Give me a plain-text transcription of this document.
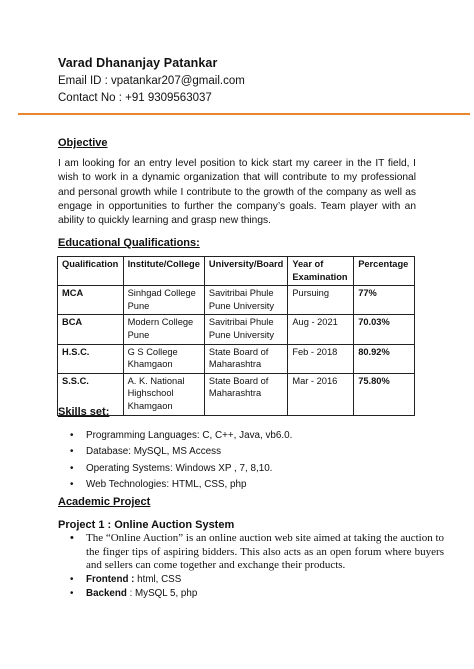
Varad Dhananjay Patankar
Email ID : vpatankar207@gmail.com
Contact No : +91 9309563037
Objective
I am looking for an entry level position to kick start my career in the IT field, I wish to work in a dynamic organization that will contribute to my professional and personal growth while I contribute to the growth of the company as well as engage in opportunities to further the company’s goals. Team player with an ability to quickly learning and grasp new things.
Educational Qualifications:
Qualification	Institute/College	University/Board	Year of Examination	Percentage
MCA	Sinhgad College Pune	Savitribai Phule Pune University	Pursuing	77%
BCA	Modern College Pune	Savitribai Phule Pune University	Aug - 2021	70.03%
H.S.C.	G S College Khamgaon	State Board of Maharashtra	Feb - 2018	80.92%
S.S.C.	A. K. National Highschool Khamgaon	State Board of Maharashtra	Mar - 2016	75.80%
Skills set:
• Programming Languages: C, C++, Java, vb6.0.
• Database: MySQL, MS Access
• Operating Systems: Windows XP , 7, 8,10.
• Web Technologies: HTML, CSS, php
Academic Project
Project 1 : Online Auction System
• The “Online Auction” is an online auction web site aimed at taking the auction to the finger tips of aspiring bidders. This also acts as an open forum where buyers and sellers can come together and exchange their products.
• Frontend : html, CSS
• Backend : MySQL 5, php
